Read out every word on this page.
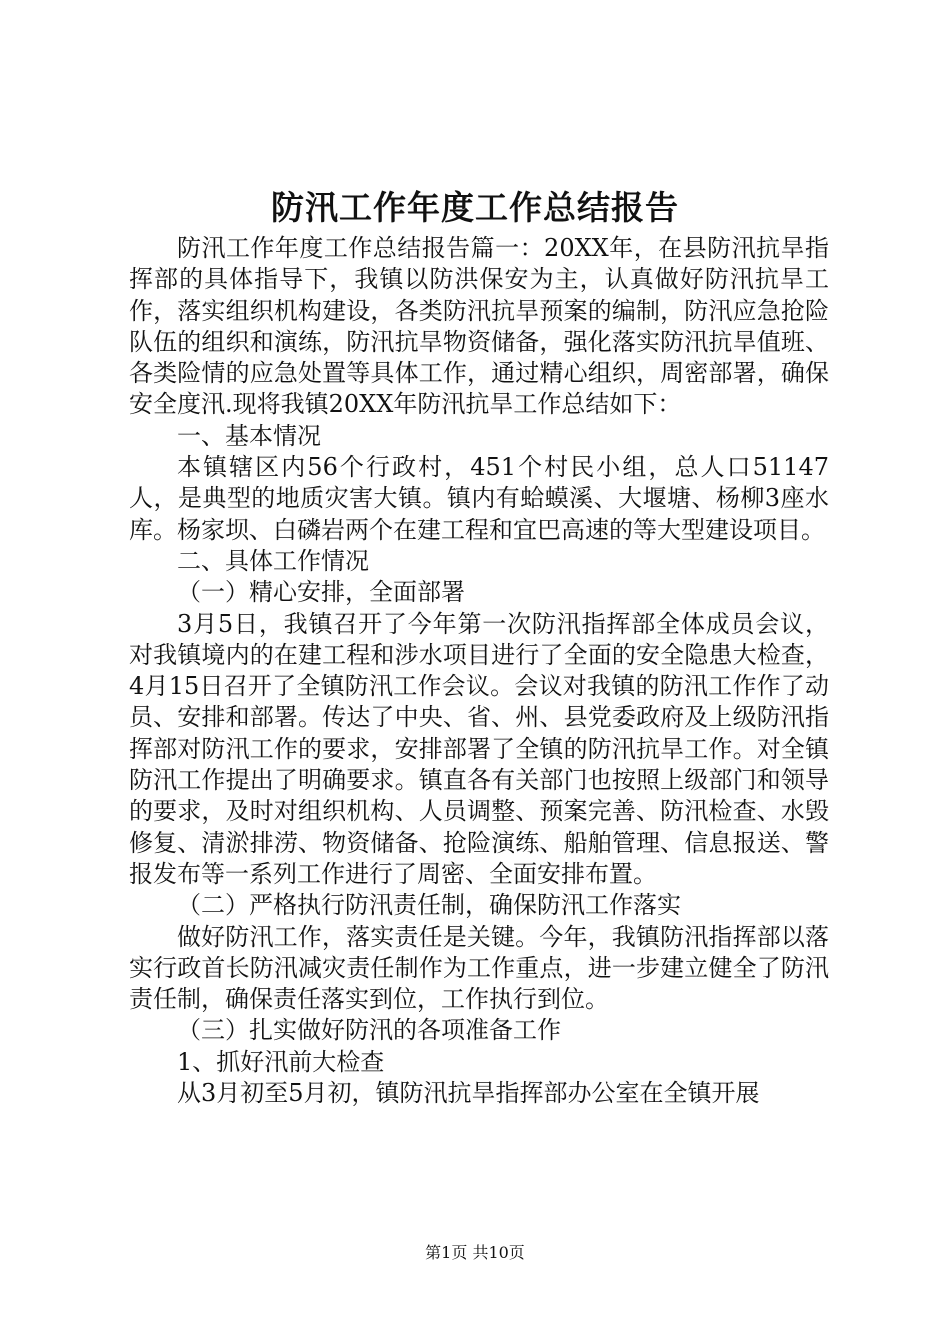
防汛工作年度工作总结报告

防汛工作年度工作总结报告篇一：20XX年，在县防汛抗旱指挥部的具体指导下，我镇以防洪保安为主，认真做好防汛抗旱工作，落实组织机构建设，各类防汛抗旱预案的编制，防汛应急抢险队伍的组织和演练，防汛抗旱物资储备，强化落实防汛抗旱值班、各类险情的应急处置等具体工作，通过精心组织，周密部署，确保安全度汛.现将我镇20XX年防汛抗旱工作总结如下：

一、基本情况

本镇辖区内56个行政村，451个村民小组，总人口51147人，是典型的地质灾害大镇。镇内有蛤蟆溪、大堰塘、杨柳3座水库。杨家坝、白磷岩两个在建工程和宜巴高速的等大型建设项目。

二、具体工作情况

（一）精心安排，全面部署

3月5日，我镇召开了今年第一次防汛指挥部全体成员会议，对我镇境内的在建工程和涉水项目进行了全面的安全隐患大检查，4月15日召开了全镇防汛工作会议。会议对我镇的防汛工作作了动员、安排和部署。传达了中央、省、州、县党委政府及上级防汛指挥部对防汛工作的要求，安排部署了全镇的防汛抗旱工作。对全镇防汛工作提出了明确要求。镇直各有关部门也按照上级部门和领导的要求，及时对组织机构、人员调整、预案完善、防汛检查、水毁修复、清淤排涝、物资储备、抢险演练、船舶管理、信息报送、警报发布等一系列工作进行了周密、全面安排布置。

（二）严格执行防汛责任制，确保防汛工作落实

做好防汛工作，落实责任是关键。今年，我镇防汛指挥部以落实行政首长防汛减灾责任制作为工作重点，进一步建立健全了防汛责任制，确保责任落实到位，工作执行到位。

（三）扎实做好防汛的各项准备工作

1、抓好汛前大检查

从3月初至5月初，镇防汛抗旱指挥部办公室在全镇开展

第1页 共10页
